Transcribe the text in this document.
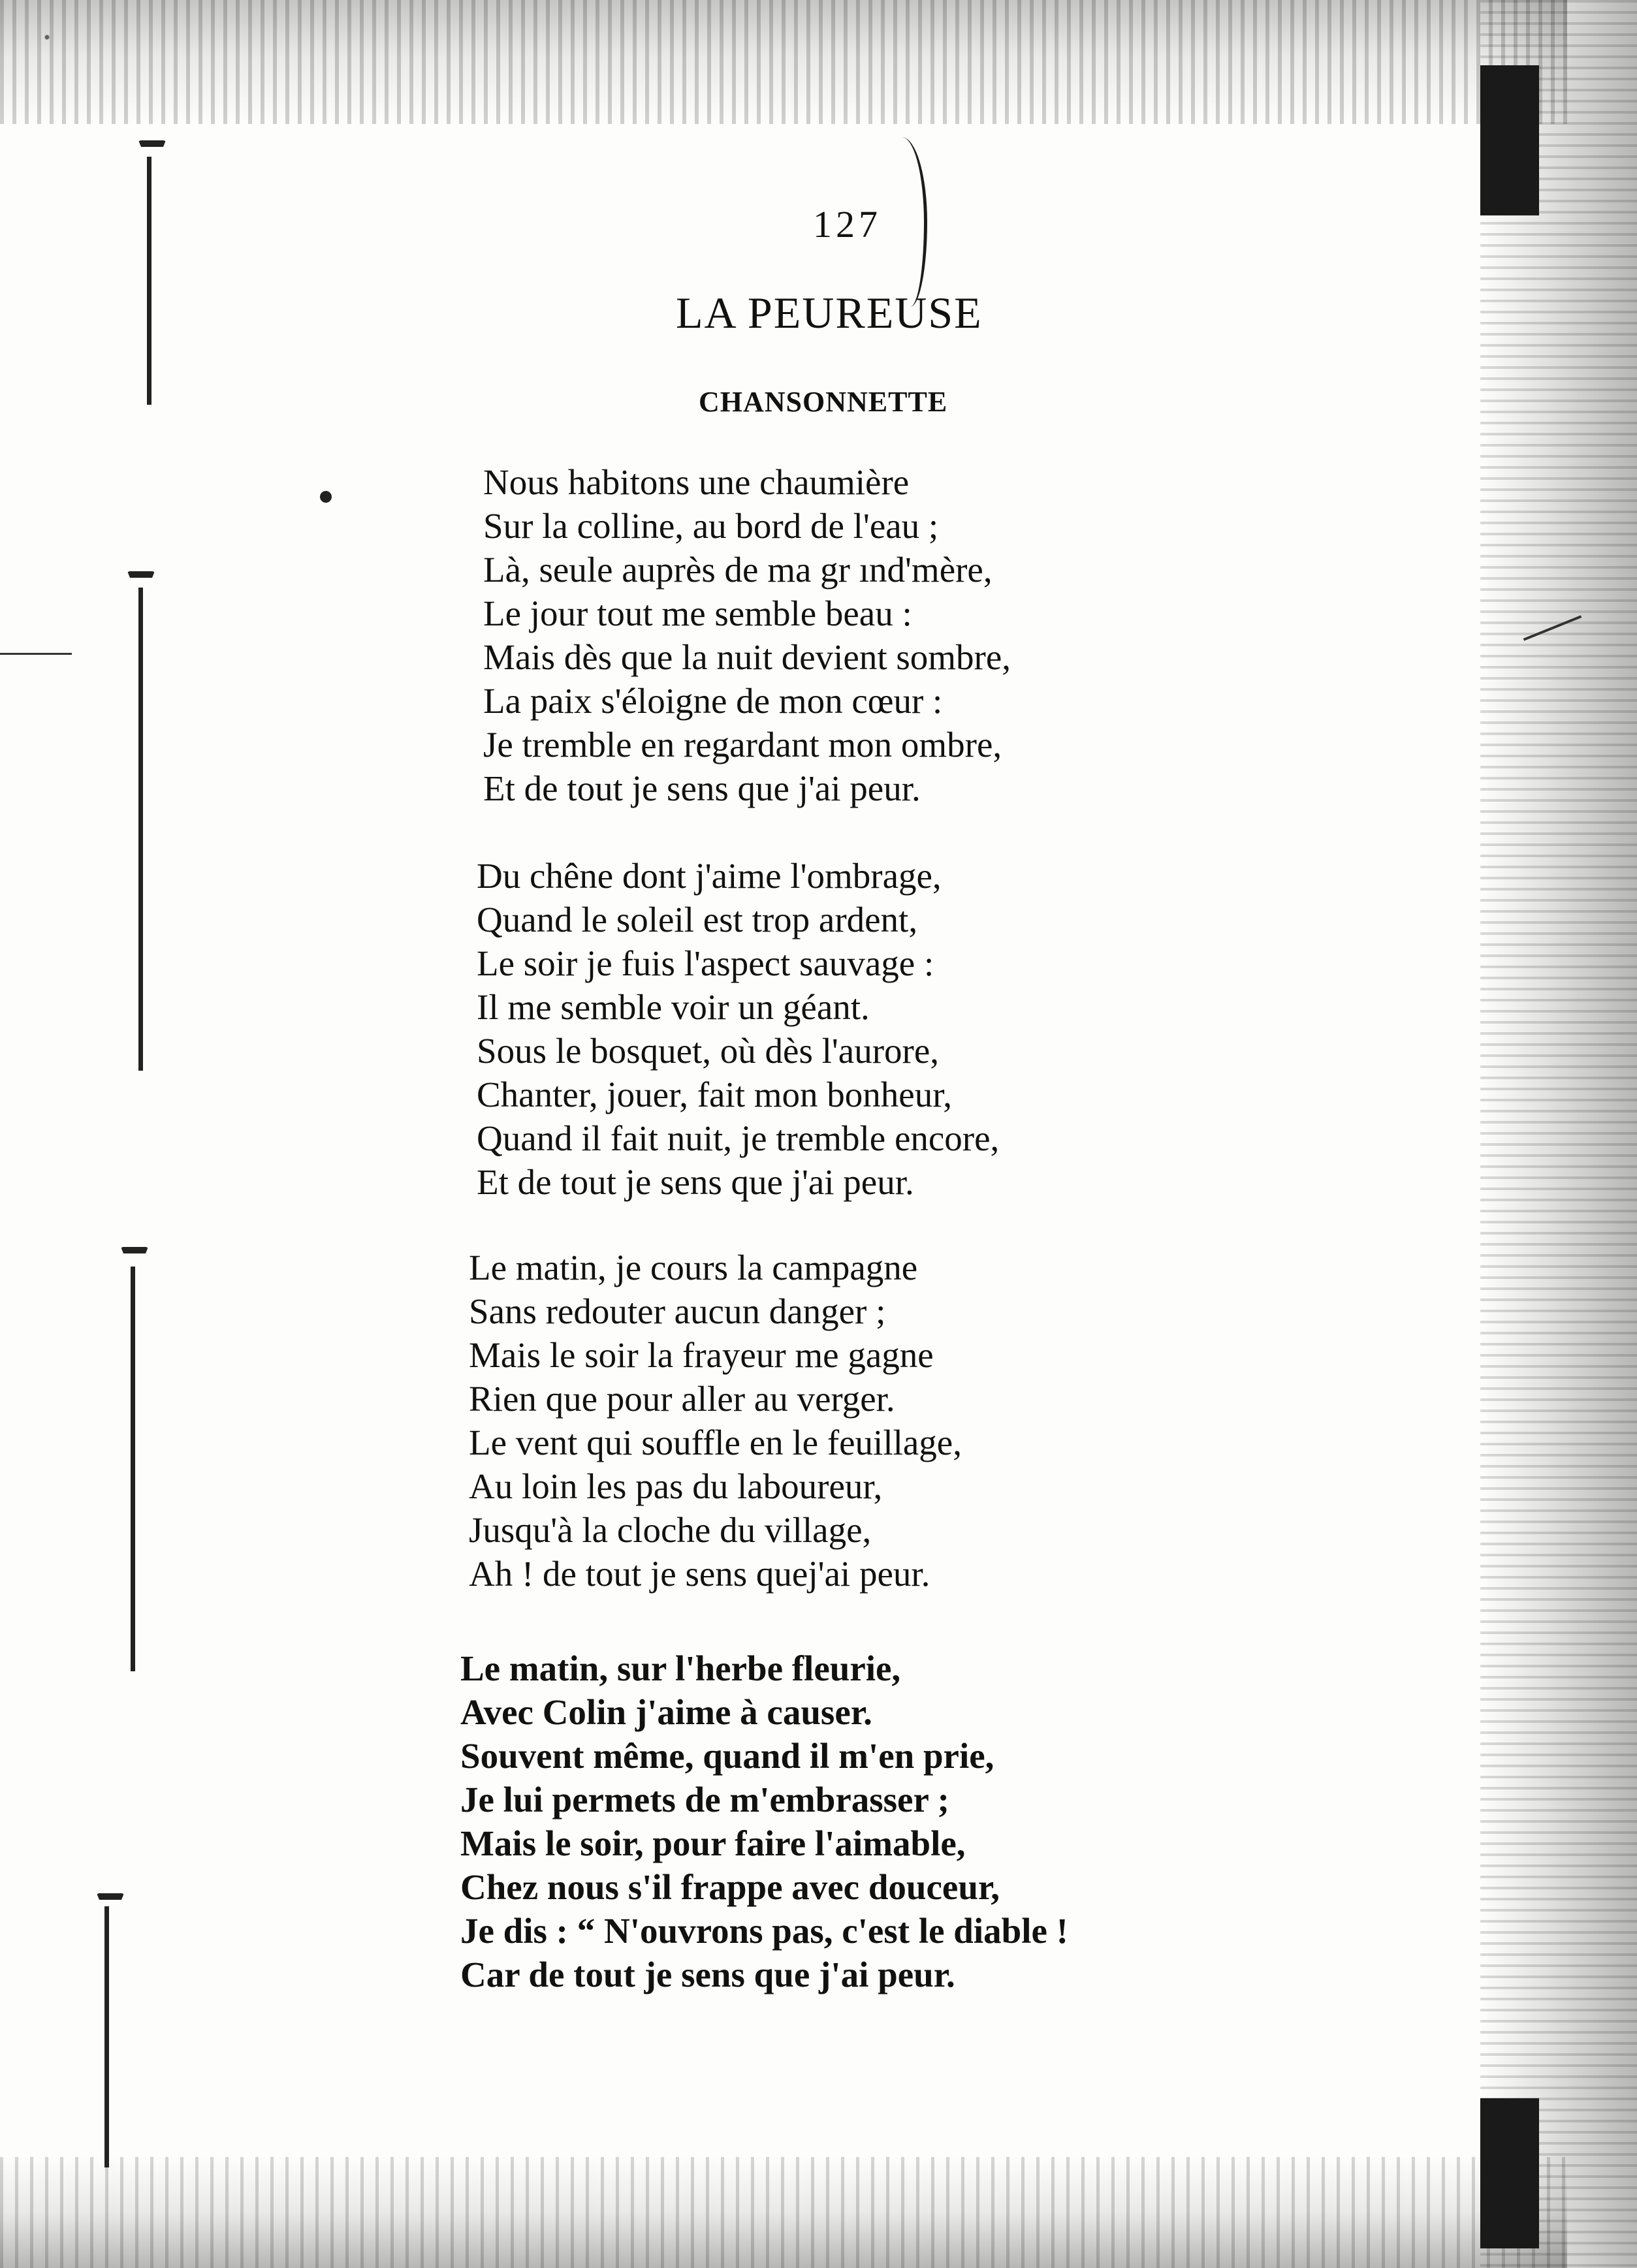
127
LA PEUREUSE
CHANSONNETTE
Nous habitons une chaumière
Sur la colline, au bord de l'eau ;
Là, seule auprès de ma gr ınd'mère,
Le jour tout me semble beau :
Mais dès que la nuit devient sombre,
La paix s'éloigne de mon cœur :
Je tremble en regardant mon ombre,
Et de tout je sens que j'ai peur.
Du chêne dont j'aime l'ombrage,
Quand le soleil est trop ardent,
Le soir je fuis l'aspect sauvage :
Il me semble voir un géant.
Sous le bosquet, où dès l'aurore,
Chanter, jouer, fait mon bonheur,
Quand il fait nuit, je tremble encore,
Et de tout je sens que j'ai peur.
Le matin, je cours la campagne
Sans redouter aucun danger ;
Mais le soir la frayeur me gagne
Rien que pour aller au verger.
Le vent qui souffle en le feuillage,
Au loin les pas du laboureur,
Jusqu'à la cloche du village,
Ah ! de tout je sens quej'ai peur.
Le matin, sur l'herbe fleurie,
Avec Colin j'aime à causer.
Souvent même, quand il m'en prie,
Je lui permets de m'embrasser ;
Mais le soir, pour faire l'aimable,
Chez nous s'il frappe avec douceur,
Je dis : “ N'ouvrons pas, c'est le diable !
Car de tout je sens que j'ai peur.
